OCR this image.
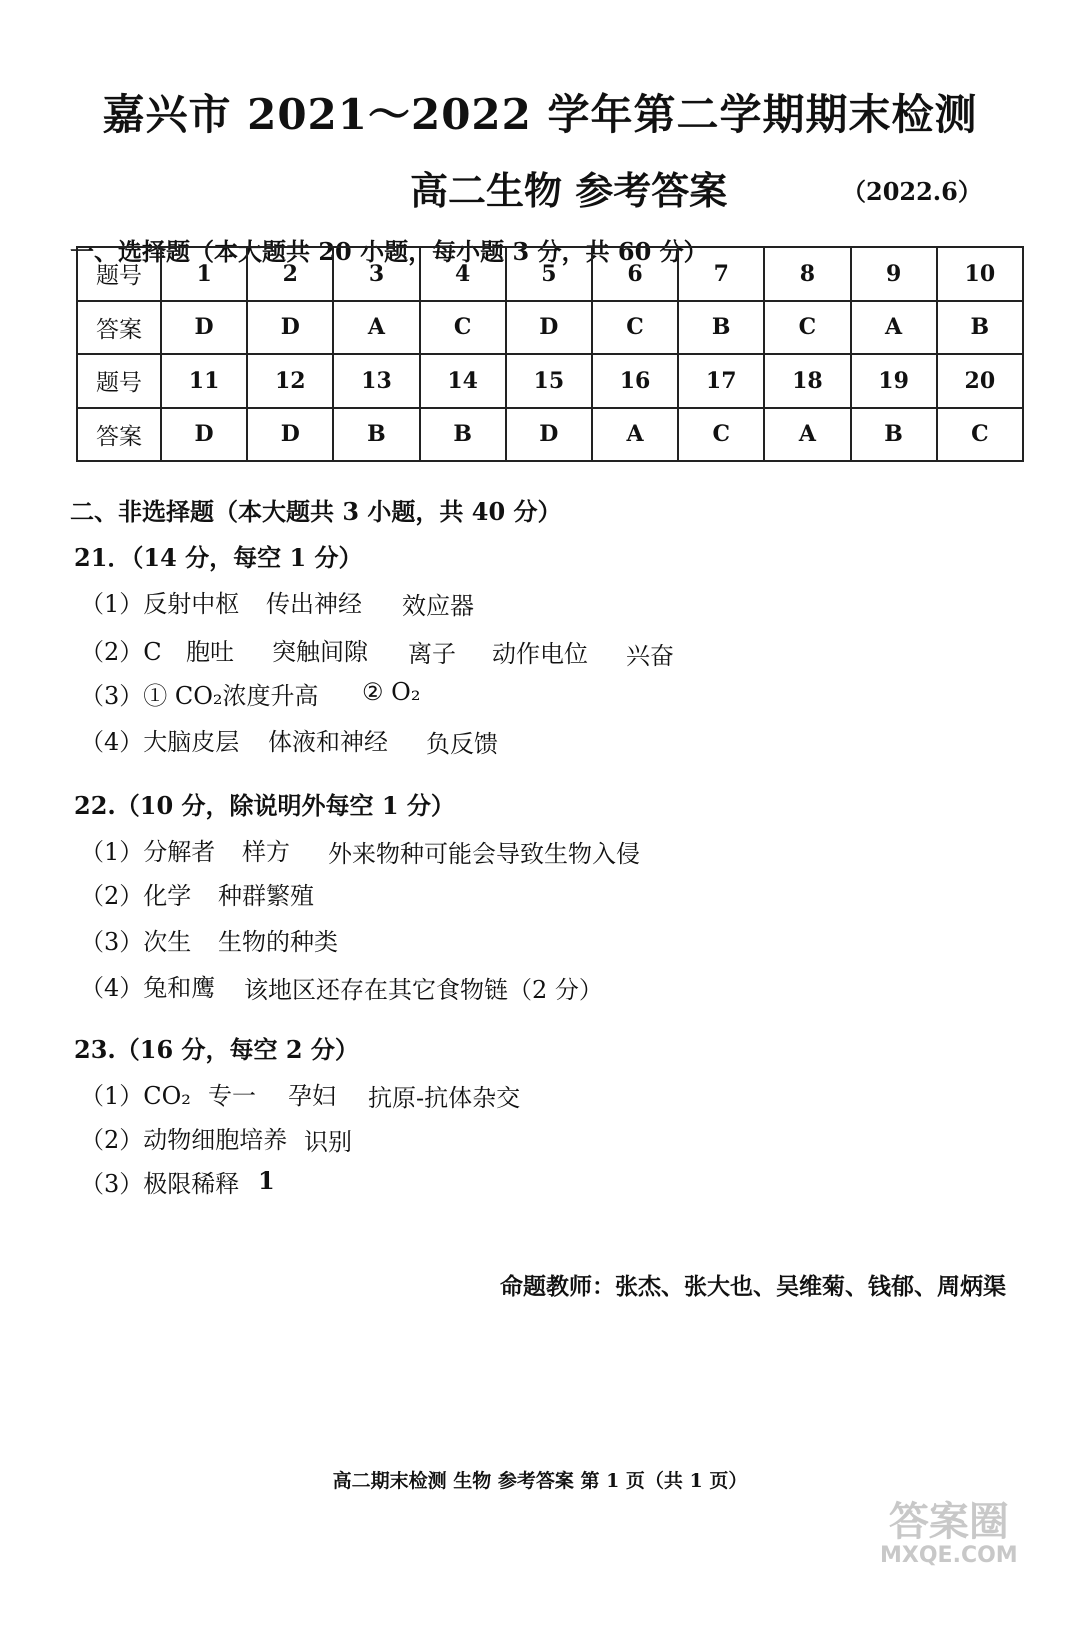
嘉兴市 2021～2022 学年第二学期期末检测
高二生物 参考答案	（2022.6）
一、选择题（本大题共 20 小题，每小题 3 分，共 60 分）
题号	1	2	3	4	5	6	7	8	9	10
答案	D	D	A	C	D	C	B	C	A	B
题号	11	12	13	14	15	16	17	18	19	20
答案	D	D	B	B	D	A	C	A	B	C
二、非选择题（本大题共 3 小题，共 40 分）
21．（14 分，每空 1 分）
（1）反射中枢 传出神经 效应器
（2）C 胞吐 突触间隙 离子 动作电位 兴奋
（3）① CO₂浓度升高 ② O₂
（4）大脑皮层 体液和神经 负反馈
22.（10 分，除说明外每空 1 分）
（1）分解者 样方 外来物种可能会导致生物入侵
（2）化学 种群繁殖
（3）次生 生物的种类
（4）兔和鹰 该地区还存在其它食物链（2 分）
23.（16 分，每空 2 分）
（1）CO₂ 专一 孕妇 抗原-抗体杂交
（2）动物细胞培养 识别
（3）极限稀释 1
命题教师：张杰、张大也、吴维菊、钱郁、周炳渠
高二期末检测 生物 参考答案 第 1 页（共 1 页）
答案圈
MXQE.COM
